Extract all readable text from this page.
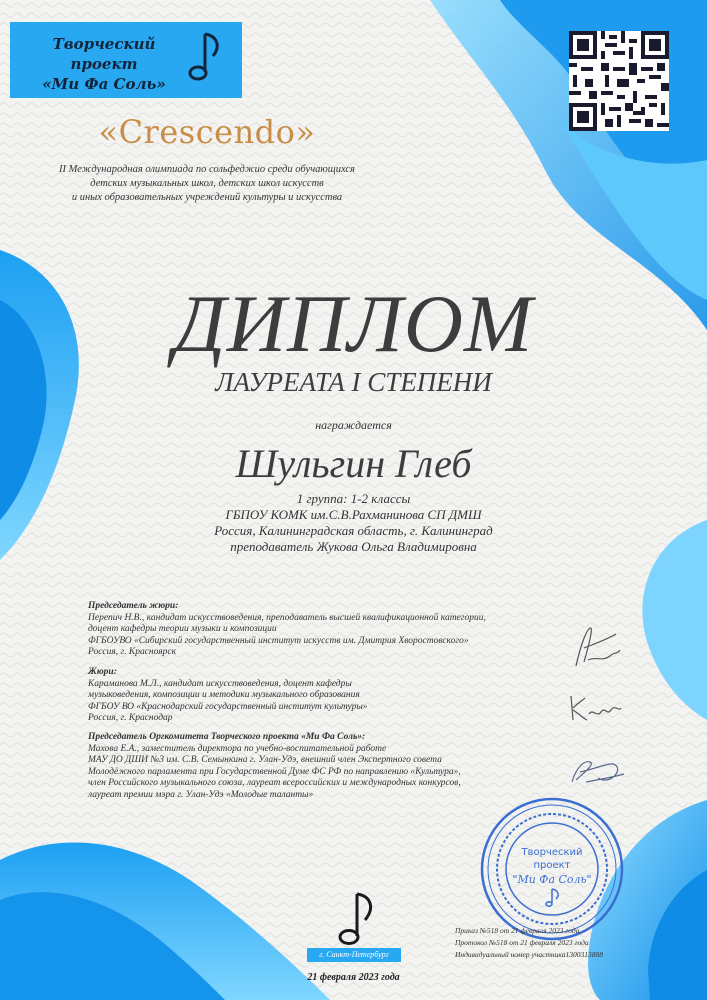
Творческий проект
«Ми Фа Соль»
«Crescendo»
II Международная олимпиада по сольфеджио среди обучающихся
детских музыкальных школ, детских школ искусств
и иных образовательных учреждений культуры и искусства
ДИПЛОМ
ЛАУРЕАТА I СТЕПЕНИ
награждается
Шульгин Глеб
1 группа: 1-2 классы
ГБПОУ КОМК им.С.В.Рахманинова СП ДМШ
Россия, Калининградская область, г. Калининград
преподаватель Жукова Ольга Владимировна
Председатель жюри:
Перепич Н.В., кандидат искусствоведения, преподаватель высшей квалификационной категории,
доцент кафедры теории музыки и композиции
ФГБОУВО «Сибирский государственный институт искусств им. Дмитрия Хворостовского»
Россия, г. Красноярск
Жюри:
Караманова М.Л., кандидат искусствоведения, доцент кафедры
музыковедения, композиции и методики музыкального образования
ФГБОУ ВО «Краснодарский государственный институт культуры»
Россия, г. Краснодар
Председатель Оргкомитета Творческого проекта «Ми Фа Соль»:
Махова Е.А., заместитель директора по учебно-воспитательной работе
МАУ ДО ДШИ №3 им. С.В. Семынкина г. Улан-Удэ, внешний член Экспертного совета
Молодёжного парламента при Государственной Думе ФС РФ по направлению «Культура»,
член Российского музыкального союза, лауреат всероссийских и международных конкурсов,
лауреат премии мэра г. Улан-Удэ «Молодые таланты»
Творческий
проект
"Ми Фа Соль"
г. Санкт-Петербург
21 февраля 2023 года
Приказ №518 от 21 февраля 2023 года
Протокол №518 от 21 февраля 2023 года
Индивидуальный номер участника1300313888
